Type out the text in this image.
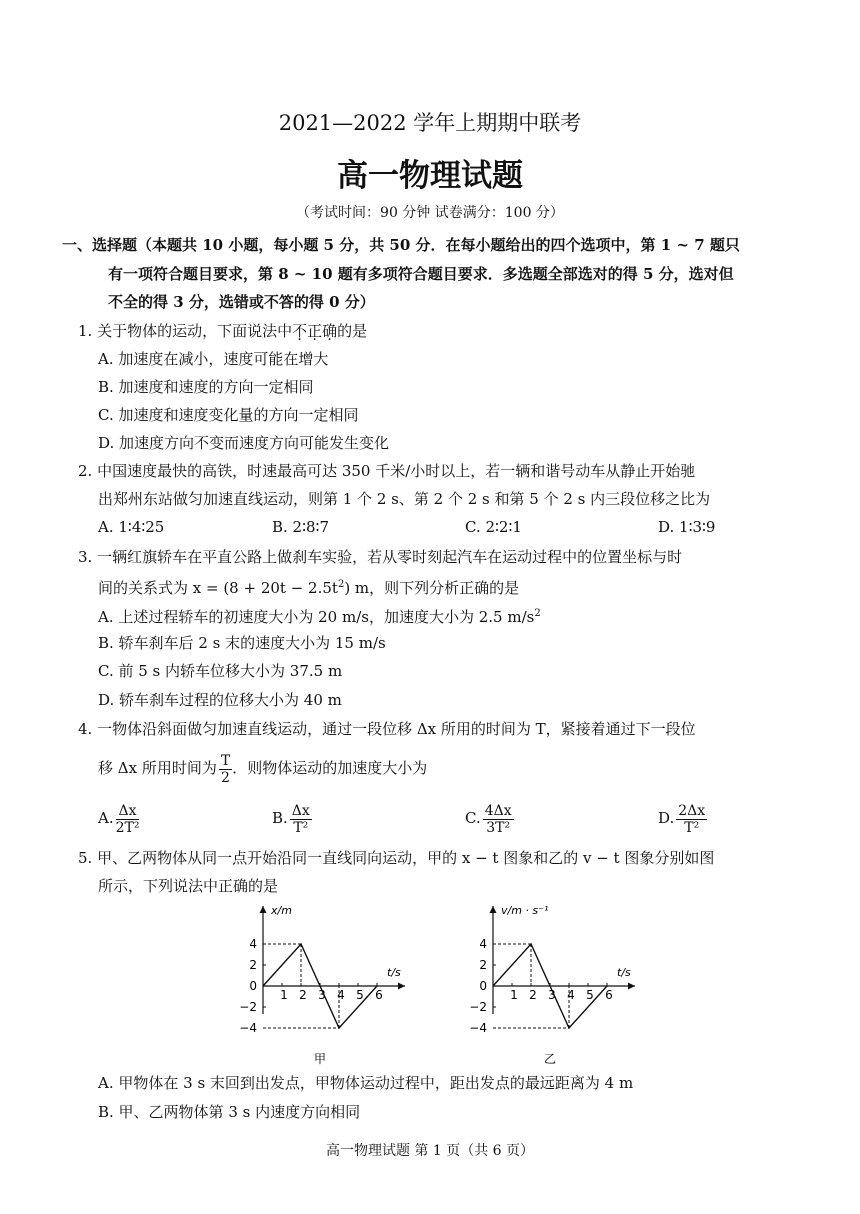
2021—2022 学年上期期中联考
高一物理试题
（考试时间：90 分钟 试卷满分：100 分）
一、选择题（本题共 10 小题，每小题 5 分，共 50 分．在每小题给出的四个选项中，第 1 ~ 7 题只
有一项符合题目要求，第 8 ~ 10 题有多项符合题目要求．多选题全部选对的得 5 分，选对但
不全的得 3 分，选错或不答的得 0 分）
1. 关于物体的运动，下面说法中不正确的是
A. 加速度在减小，速度可能在增大
B. 加速度和速度的方向一定相同
C. 加速度和速度变化量的方向一定相同
D. 加速度方向不变而速度方向可能发生变化
2. 中国速度最快的高铁，时速最高可达 350 千米/小时以上，若一辆和谐号动车从静止开始驰
出郑州东站做匀加速直线运动，则第 1 个 2 s、第 2 个 2 s 和第 5 个 2 s 内三段位移之比为
A. 1∶4∶25	B. 2∶8∶7	C. 2∶2∶1	D. 1∶3∶9
3. 一辆红旗轿车在平直公路上做刹车实验，若从零时刻起汽车在运动过程中的位置坐标与时
间的关系式为 $x = (8 + 20t - 2.5t^2)$ m，则下列分析正确的是
A. 上述过程轿车的初速度大小为 20 m/s，加速度大小为 2.5 $m/s^2$
B. 轿车刹车后 2 s 末的速度大小为 15 m/s
C. 前 5 s 内轿车位移大小为 37.5 m
D. 轿车刹车过程的位移大小为 40 m
4. 一物体沿斜面做匀加速直线运动，通过一段位移 Δx 所用的时间为 T，紧接着通过下一段位
移 Δx 所用时间为 $\frac{T}{2}$ ．则物体运动的加速度大小为
A. $\frac{\Delta x}{\text{2T²}}$	B. $\frac{\Delta x}{\text{T²}}$	C. $\frac{4\Delta x}{\text{3T²}}$	D. $\frac{2\Delta x}{\text{T²}}$
5. 甲、乙两物体从同一点开始沿同一直线同向运动，甲的 x − t 图象和乙的 v − t 图象分别如图
所示，下列说法中正确的是
x/m
t/s
4
2
0
−2
−4
1 2 3 4 5 6
甲
v/m · s⁻¹
t/s
4
2
0
−2
−4
1 2 3 4 5 6
乙
A. 甲物体在 3 s 末回到出发点，甲物体运动过程中，距出发点的最远距离为 4 m
B. 甲、乙两物体第 3 s 内速度方向相同
高一物理试题 第 1 页（共 6 页）
